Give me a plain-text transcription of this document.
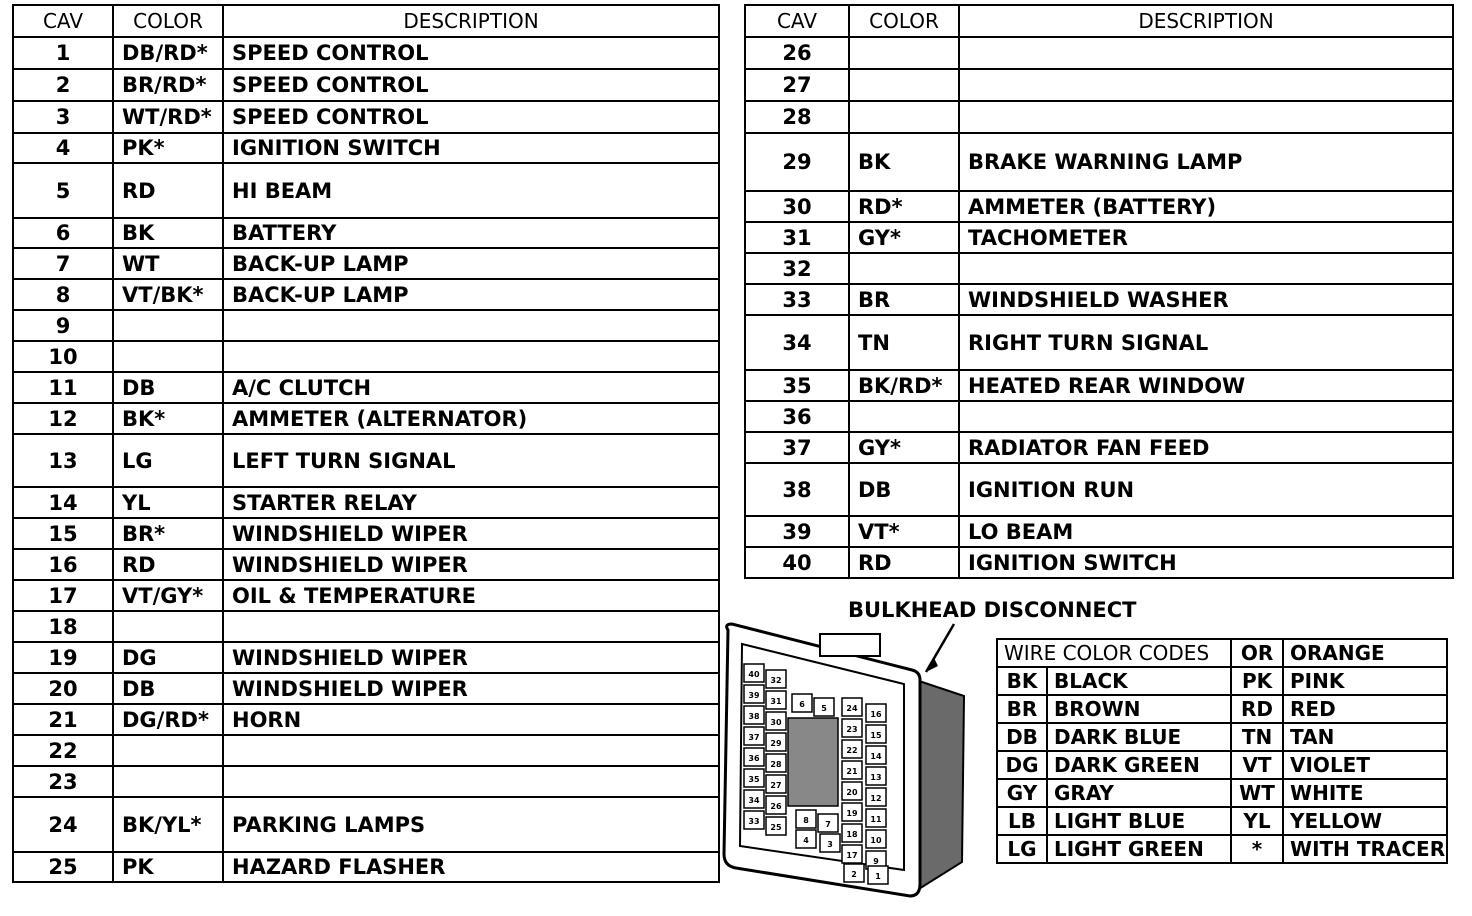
CAV	COLOR	DESCRIPTION
1	DB/RD*	SPEED CONTROL
2	BR/RD*	SPEED CONTROL
3	WT/RD*	SPEED CONTROL
4	PK*	IGNITION SWITCH
5	RD	HI BEAM
6	BK	BATTERY
7	WT	BACK-UP LAMP
8	VT/BK*	BACK-UP LAMP
9		
10		
11	DB	A/C CLUTCH
12	BK*	AMMETER (ALTERNATOR)
13	LG	LEFT TURN SIGNAL
14	YL	STARTER RELAY
15	BR*	WINDSHIELD WIPER
16	RD	WINDSHIELD WIPER
17	VT/GY*	OIL & TEMPERATURE
18		
19	DG	WINDSHIELD WIPER
20	DB	WINDSHIELD WIPER
21	DG/RD*	HORN
22		
23		
24	BK/YL*	PARKING LAMPS
25	PK	HAZARD FLASHER
CAV	COLOR	DESCRIPTION
26		
27		
28		
29	BK	BRAKE WARNING LAMP
30	RD*	AMMETER (BATTERY)
31	GY*	TACHOMETER
32		
33	BR	WINDSHIELD WASHER
34	TN	RIGHT TURN SIGNAL
35	BK/RD*	HEATED REAR WINDOW
36		
37	GY*	RADIATOR FAN FEED
38	DB	IGNITION RUN
39	VT*	LO BEAM
40	RD	IGNITION SWITCH
BULKHEAD DISCONNECT
40
39
38
37
36
35
34
33
32
31
30
29
28
27
26
25
24
23
22
21
20
19
18
17
16
15
14
13
12
11
10
9
8 7
6 5
4 3
2 1
WIRE COLOR CODES		OR	ORANGE
BK	BLACK	PK	PINK
BR	BROWN	RD	RED
DB	DARK BLUE	TN	TAN
DG	DARK GREEN	VT	VIOLET
GY	GRAY	WT	WHITE
LB	LIGHT BLUE	YL	YELLOW
LG	LIGHT GREEN	*	WITH TRACER
